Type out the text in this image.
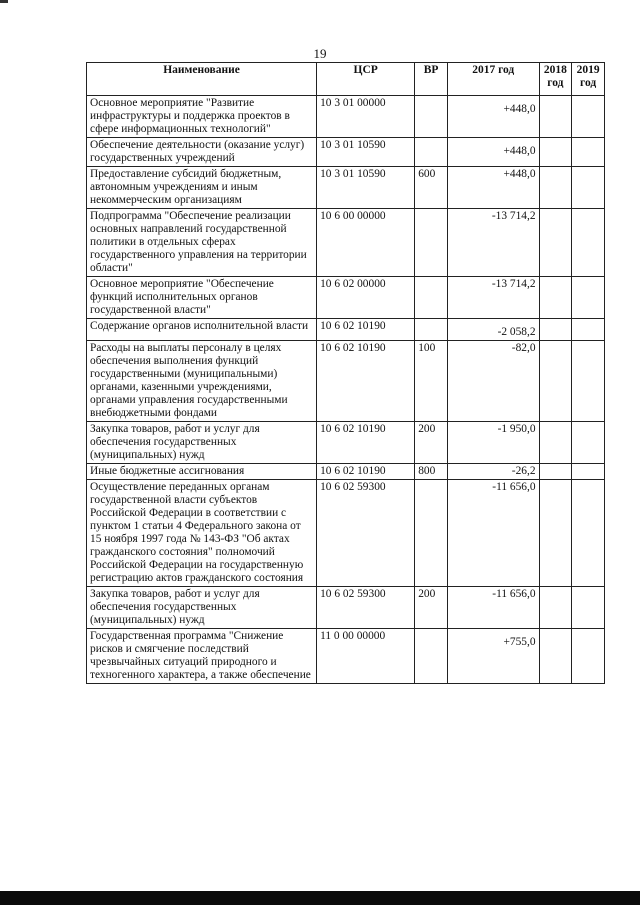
19
Наименование	ЦСР	ВР	2017 год	2018 год	2019 год
Основное мероприятие "Развитие инфраструктуры и поддержка проектов в сфере информационных технологий"	10 3 01 00000		+448,0		

Обеспечение деятельности (оказание услуг) государственных учреждений	10 3 01 10590		+448,0		

Предоставление субсидий бюджетным, автономным учреждениям и иным некоммерческим организациям	10 3 01 10590	600	+448,0		
Подпрограмма "Обеспечение реализации основных направлений государственной политики в отдельных сферах государственного управления на территории области"	10 6 00 00000		-13 714,2		
Основное мероприятие "Обеспечение функций исполнительных органов государственной власти"	10 6 02 00000		-13 714,2		
Содержание органов исполнительной власти	10 6 02 10190		-2 058,2		

Расходы на выплаты персоналу в целях обеспечения выполнения функций государственными (муниципальными) органами, казенными учреждениями, органами управления государственными внебюджетными фондами	10 6 02 10190	100	-82,0		
Закупка товаров, работ и услуг для обеспечения государственных (муниципальных) нужд	10 6 02 10190	200	-1 950,0		
Иные бюджетные ассигнования	10 6 02 10190	800	-26,2		
Осуществление переданных органам государственной власти субъектов Российской Федерации в соответствии с пунктом 1 статьи 4 Федерального закона от 15 ноября 1997 года № 143-ФЗ "Об актах гражданского состояния" полномочий Российской Федерации на государственную регистрацию актов гражданского состояния	10 6 02 59300		-11 656,0		
Закупка товаров, работ и услуг для обеспечения государственных (муниципальных) нужд	10 6 02 59300	200	-11 656,0		
Государственная программа "Снижение рисков и смягчение последствий чрезвычайных ситуаций природного и техногенного характера, а также обеспечение	11 0 00 00000		+755,0		
